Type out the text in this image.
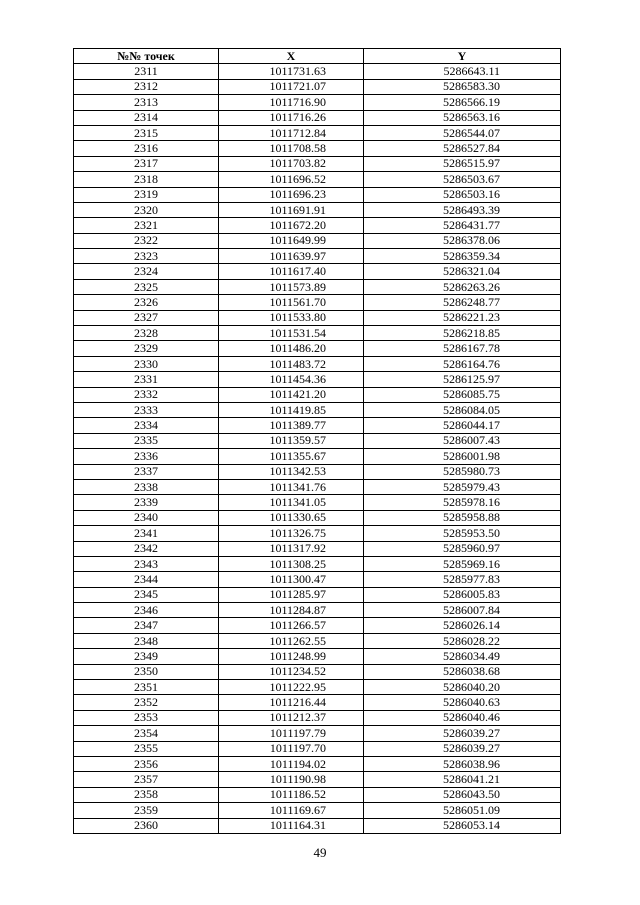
№№ точек	X	Y
2311	1011731.63	5286643.11
2312	1011721.07	5286583.30
2313	1011716.90	5286566.19
2314	1011716.26	5286563.16
2315	1011712.84	5286544.07
2316	1011708.58	5286527.84
2317	1011703.82	5286515.97
2318	1011696.52	5286503.67
2319	1011696.23	5286503.16
2320	1011691.91	5286493.39
2321	1011672.20	5286431.77
2322	1011649.99	5286378.06
2323	1011639.97	5286359.34
2324	1011617.40	5286321.04
2325	1011573.89	5286263.26
2326	1011561.70	5286248.77
2327	1011533.80	5286221.23
2328	1011531.54	5286218.85
2329	1011486.20	5286167.78
2330	1011483.72	5286164.76
2331	1011454.36	5286125.97
2332	1011421.20	5286085.75
2333	1011419.85	5286084.05
2334	1011389.77	5286044.17
2335	1011359.57	5286007.43
2336	1011355.67	5286001.98
2337	1011342.53	5285980.73
2338	1011341.76	5285979.43
2339	1011341.05	5285978.16
2340	1011330.65	5285958.88
2341	1011326.75	5285953.50
2342	1011317.92	5285960.97
2343	1011308.25	5285969.16
2344	1011300.47	5285977.83
2345	1011285.97	5286005.83
2346	1011284.87	5286007.84
2347	1011266.57	5286026.14
2348	1011262.55	5286028.22
2349	1011248.99	5286034.49
2350	1011234.52	5286038.68
2351	1011222.95	5286040.20
2352	1011216.44	5286040.63
2353	1011212.37	5286040.46
2354	1011197.79	5286039.27
2355	1011197.70	5286039.27
2356	1011194.02	5286038.96
2357	1011190.98	5286041.21
2358	1011186.52	5286043.50
2359	1011169.67	5286051.09
2360	1011164.31	5286053.14
49
